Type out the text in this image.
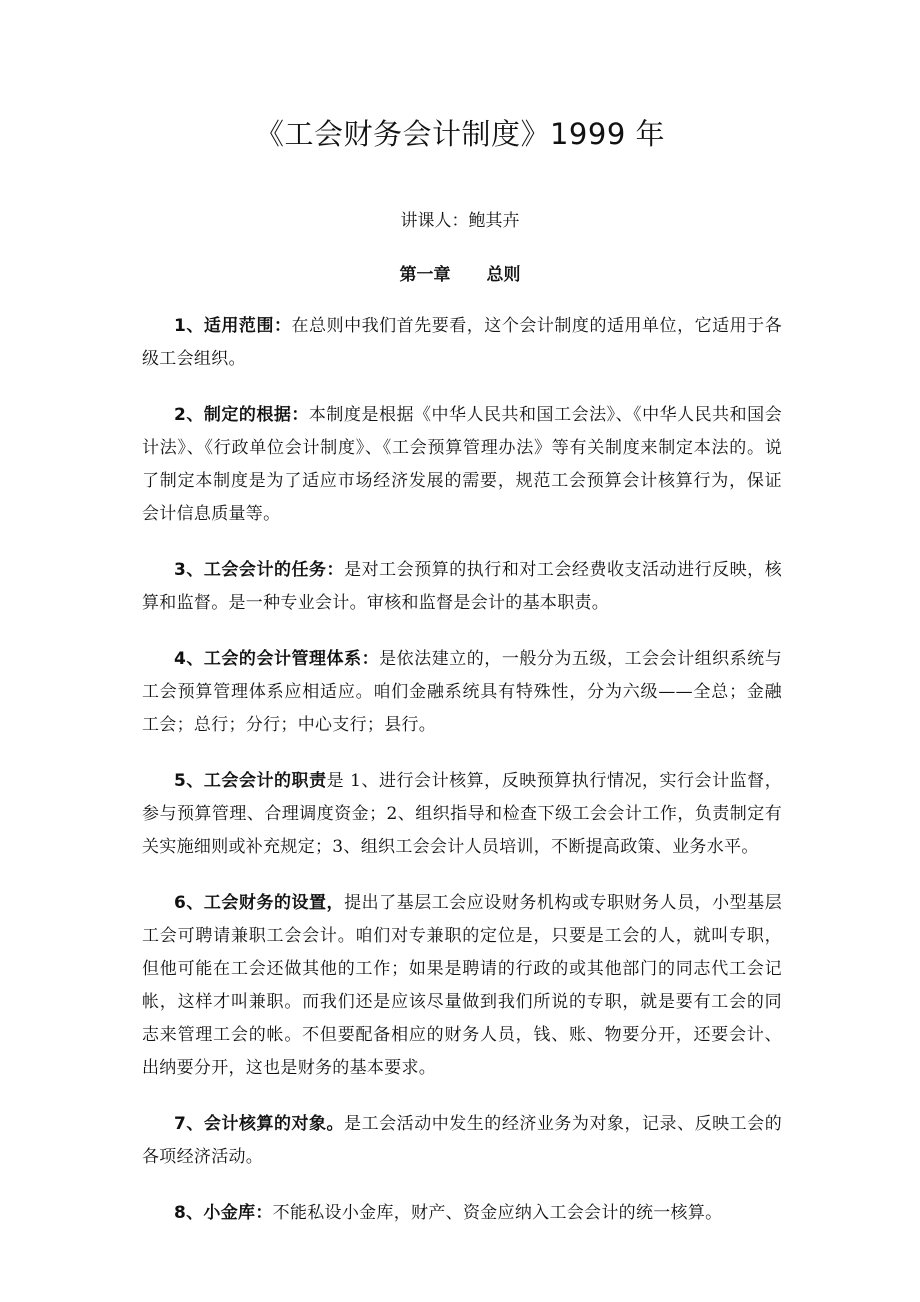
《工会财务会计制度》1999 年
讲课人：鲍其卉
第一章 总则

1、适用范围：在总则中我们首先要看，这个会计制度的适用单位，它适用于各级工会组织。

2、制定的根据：本制度是根据《中华人民共和国工会法》、《中华人民共和国会计法》、《行政单位会计制度》、《工会预算管理办法》等有关制度来制定本法的。说了制定本制度是为了适应市场经济发展的需要，规范工会预算会计核算行为，保证会计信息质量等。

3、工会会计的任务：是对工会预算的执行和对工会经费收支活动进行反映，核算和监督。是一种专业会计。审核和监督是会计的基本职责。

4、工会的会计管理体系：是依法建立的，一般分为五级，工会会计组织系统与工会预算管理体系应相适应。咱们金融系统具有特殊性，分为六级——全总；金融工会；总行；分行；中心支行；县行。

5、工会会计的职责是 1、进行会计核算，反映预算执行情况，实行会计监督，参与预算管理、合理调度资金；2、组织指导和检查下级工会会计工作，负责制定有关实施细则或补充规定；3、组织工会会计人员培训，不断提高政策、业务水平。

6、工会财务的设置，提出了基层工会应设财务机构或专职财务人员，小型基层工会可聘请兼职工会会计。咱们对专兼职的定位是，只要是工会的人，就叫专职，但他可能在工会还做其他的工作；如果是聘请的行政的或其他部门的同志代工会记帐，这样才叫兼职。而我们还是应该尽量做到我们所说的专职，就是要有工会的同志来管理工会的帐。不但要配备相应的财务人员，钱、账、物要分开，还要会计、出纳要分开，这也是财务的基本要求。

7、会计核算的对象。是工会活动中发生的经济业务为对象，记录、反映工会的各项经济活动。

8、小金库：不能私设小金库，财产、资金应纳入工会会计的统一核算。
